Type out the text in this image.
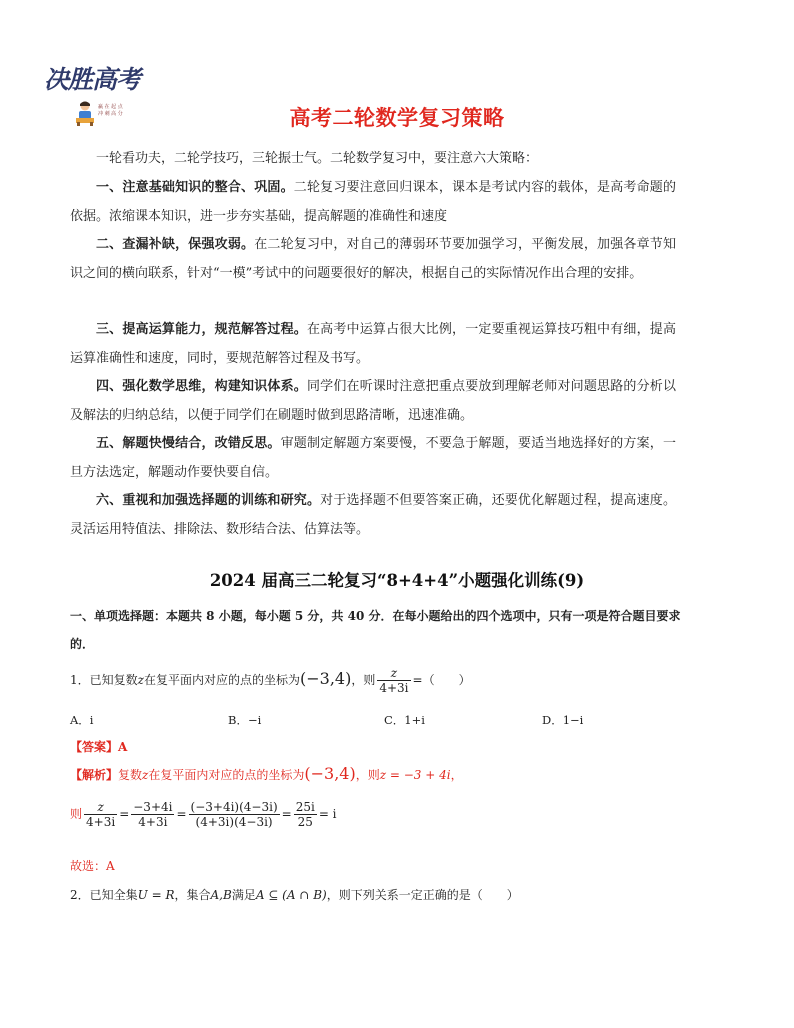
决胜高考
赢 在 起 点
冲 刺 高 分	高考二轮数学复习策略

一轮看功夫，二轮学技巧，三轮振士气。二轮数学复习中，要注意六大策略：

一、注意基础知识的整合、巩固。二轮复习要注意回归课本，课本是考试内容的载体，是高考命题的依据。浓缩课本知识，进一步夯实基础，提高解题的准确性和速度

二、查漏补缺，保强攻弱。在二轮复习中，对自己的薄弱环节要加强学习，平衡发展，加强各章节知识之间的横向联系，针对“一模”考试中的问题要很好的解决，根据自己的实际情况作出合理的安排。

三、提高运算能力，规范解答过程。在高考中运算占很大比例，一定要重视运算技巧粗中有细，提高运算准确性和速度，同时，要规范解答过程及书写。

四、强化数学思维，构建知识体系。同学们在听课时注意把重点要放到理解老师对问题思路的分析以及解法的归纳总结，以便于同学们在刷题时做到思路清晰，迅速准确。

五、解题快慢结合，改错反思。审题制定解题方案要慢，不要急于解题，要适当地选择好的方案，一旦方法选定，解题动作要快要自信。

六、重视和加强选择题的训练和研究。对于选择题不但要答案正确，还要优化解题过程，提高速度。灵活运用特值法、排除法、数形结合法、估算法等。

2024 届高三二轮复习“8+4+4”小题强化训练(9)

一、单项选择题：本题共 8 小题，每小题 5 分，共 40 分．在每小题给出的四个选项中，只有一项是符合题目要求的．

1．已知复数z在复平面内对应的点的坐标为(−3,4)，则 $\frac{z}{4+3i}$ =（　　）
A．i	B．−i	C．1+i	D．1−i
【答案】A
【解析】复数z在复平面内对应的点的坐标为(−3,4)，则z = −3 + 4i，
则 $\frac{z}{4+3i} = \frac{-3+4i}{4+3i} = \frac{(-3+4i)(4-3i)}{(4+3i)(4-3i)} = \frac{25i}{25} = i$
故选：A
2．已知全集U = R，集合A,B满足A ⊆ (A ∩ B)，则下列关系一定正确的是（　　）
